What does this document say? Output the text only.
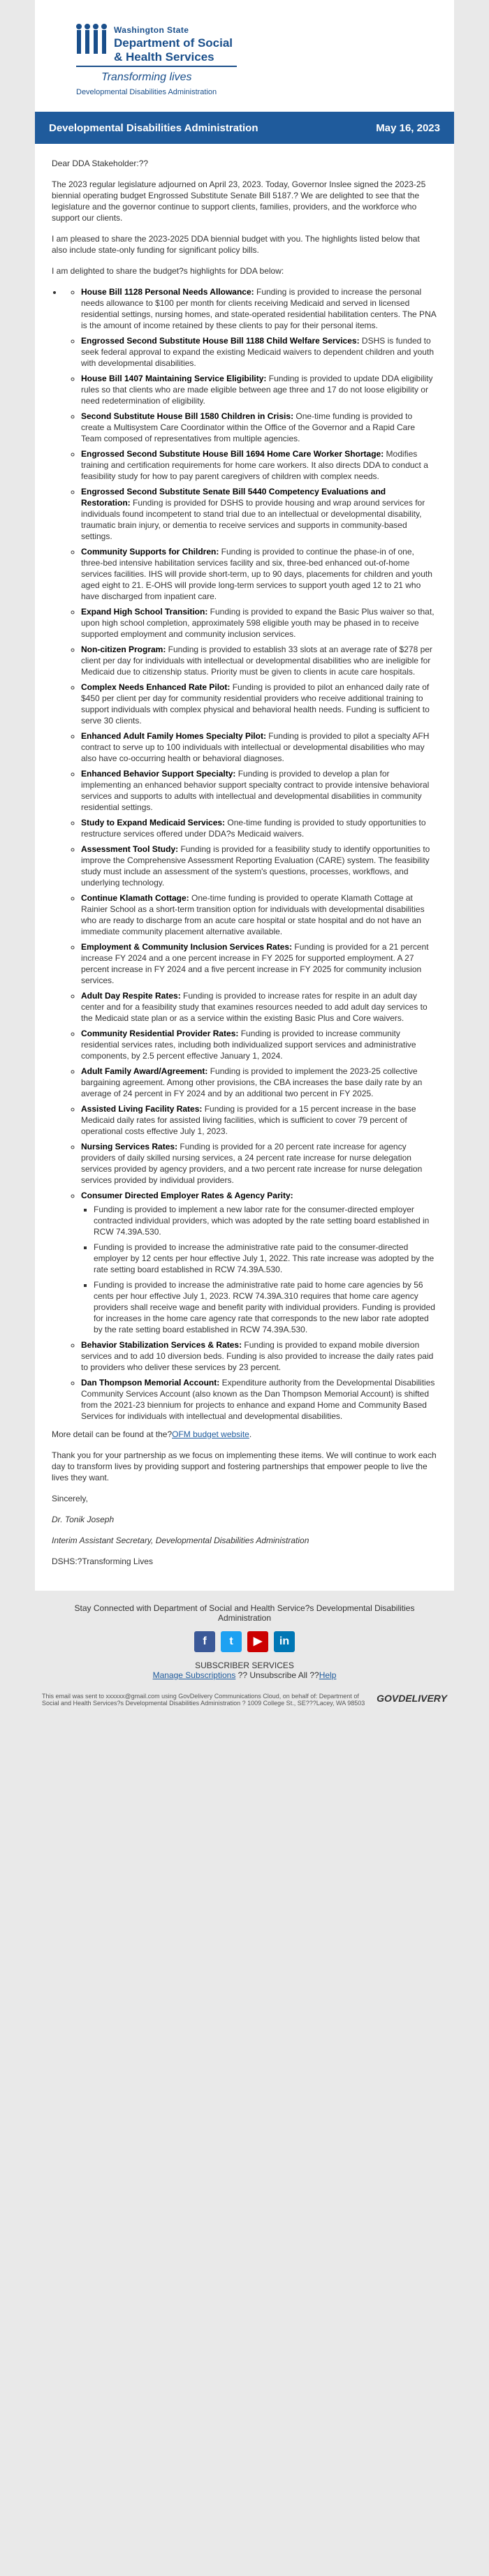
Washington State
Department of Social
& Health Services
Transforming lives
Developmental Disabilities Administration
Developmental Disabilities Administration	May 16, 2023

Dear DDA Stakeholder:??

The 2023 regular legislature adjourned on April 23, 2023. Today, Governor Inslee signed the 2023-25 biennial operating budget Engrossed Substitute Senate Bill 5187.? We are delighted to see that the legislature and the governor continue to support clients, families, providers, and the workforce who support our clients.

I am pleased to share the 2023-2025 DDA biennial budget with you. The highlights listed below that also include state-only funding for significant policy bills.

I am delighted to share the budget?s highlights for DDA below:

◦ • House Bill 1128 Personal Needs Allowance: Funding is provided to increase the personal needs allowance to $100 per month for clients receiving Medicaid and served in licensed residential settings, nursing homes, and state-operated residential habilitation centers. The PNA is the amount of income retained by these clients to pay for their personal items.
◦ Engrossed Second Substitute House Bill 1188 Child Welfare Services: DSHS is funded to seek federal approval to expand the existing Medicaid waivers to dependent children and youth with developmental disabilities.
◦ House Bill 1407 Maintaining Service Eligibility: Funding is provided to update DDA eligibility rules so that clients who are made eligible between age three and 17 do not loose eligibility or need redetermination of eligibility.
◦ Second Substitute House Bill 1580 Children in Crisis: One-time funding is provided to create a Multisystem Care Coordinator within the Office of the Governor and a Rapid Care Team composed of representatives from multiple agencies.
◦ Engrossed Second Substitute House Bill 1694 Home Care Worker Shortage: Modifies training and certification requirements for home care workers. It also directs DDA to conduct a feasibility study for how to pay parent caregivers of children with complex needs.
◦ Engrossed Second Substitute Senate Bill 5440 Competency Evaluations and Restoration: Funding is provided for DSHS to provide housing and wrap around services for individuals found incompetent to stand trial due to an intellectual or developmental disability, traumatic brain injury, or dementia to receive services and supports in community-based settings.
◦ Community Supports for Children: Funding is provided to continue the phase-in of one, three-bed intensive habilitation services facility and six, three-bed enhanced out-of-home services facilities. IHS will provide short-term, up to 90 days, placements for children and youth aged eight to 21. E-OHS will provide long-term services to support youth aged 12 to 21 who have discharged from inpatient care.
◦ Expand High School Transition: Funding is provided to expand the Basic Plus waiver so that, upon high school completion, approximately 598 eligible youth may be phased in to receive supported employment and community inclusion services.
◦ Non-citizen Program: Funding is provided to establish 33 slots at an average rate of $278 per client per day for individuals with intellectual or developmental disabilities who are ineligible for Medicaid due to citizenship status. Priority must be given to clients in acute care hospitals.
◦ Complex Needs Enhanced Rate Pilot: Funding is provided to pilot an enhanced daily rate of $450 per client per day for community residential providers who receive additional training to support individuals with complex physical and behavioral health needs. Funding is sufficient to serve 30 clients.
◦ Enhanced Adult Family Homes Specialty Pilot: Funding is provided to pilot a specialty AFH contract to serve up to 100 individuals with intellectual or developmental disabilities who may also have co-occurring health or behavioral diagnoses.
◦ Enhanced Behavior Support Specialty: Funding is provided to develop a plan for implementing an enhanced behavior support specialty contract to provide intensive behavioral services and supports to adults with intellectual and developmental disabilities in community residential settings.
◦ Study to Expand Medicaid Services: One-time funding is provided to study opportunities to restructure services offered under DDA?s Medicaid waivers.
◦ Assessment Tool Study: Funding is provided for a feasibility study to identify opportunities to improve the Comprehensive Assessment Reporting Evaluation (CARE) system. The feasibility study must include an assessment of the system's questions, processes, workflows, and underlying technology.
◦ Continue Klamath Cottage: One-time funding is provided to operate Klamath Cottage at Rainier School as a short-term transition option for individuals with developmental disabilities who are ready to discharge from an acute care hospital or state hospital and do not have an immediate community placement alternative available.
◦ Employment & Community Inclusion Services Rates: Funding is provided for a 21 percent increase FY 2024 and a one percent increase in FY 2025 for supported employment. A 27 percent increase in FY 2024 and a five percent increase in FY 2025 for community inclusion services.
◦ Adult Day Respite Rates: Funding is provided to increase rates for respite in an adult day center and for a feasibility study that examines resources needed to add adult day services to the Medicaid state plan or as a service within the existing Basic Plus and Core waivers.
◦ Community Residential Provider Rates: Funding is provided to increase community residential services rates, including both individualized support services and administrative components, by 2.5 percent effective January 1, 2024.
◦ Adult Family Award/Agreement: Funding is provided to implement the 2023-25 collective bargaining agreement. Among other provisions, the CBA increases the base daily rate by an average of 24 percent in FY 2024 and by an additional two percent in FY 2025.
◦ Assisted Living Facility Rates: Funding is provided for a 15 percent increase in the base Medicaid daily rates for assisted living facilities, which is sufficient to cover 79 percent of operational costs effective July 1, 2023.
◦ Nursing Services Rates: Funding is provided for a 20 percent rate increase for agency providers of daily skilled nursing services, a 24 percent rate increase for nurse delegation services provided by agency providers, and a two percent rate increase for nurse delegation services provided by individual providers.
◦ Consumer Directed Employer Rates & Agency Parity:
▪ Funding is provided to implement a new labor rate for the consumer-directed employer contracted individual providers, which was adopted by the rate setting board established in RCW 74.39A.530.
▪ Funding is provided to increase the administrative rate paid to the consumer-directed employer by 12 cents per hour effective July 1, 2022. This rate increase was adopted by the rate setting board established in RCW 74.39A.530.
▪ Funding is provided to increase the administrative rate paid to home care agencies by 56 cents per hour effective July 1, 2023. RCW 74.39A.310 requires that home care agency providers shall receive wage and benefit parity with individual providers. Funding is provided for increases in the home care agency rate that corresponds to the new labor rate adopted by the rate setting board established in RCW 74.39A.530.
◦ Behavior Stabilization Services & Rates: Funding is provided to expand mobile diversion services and to add 10 diversion beds. Funding is also provided to increase the daily rates paid to providers who deliver these services by 23 percent.
◦ Dan Thompson Memorial Account: Expenditure authority from the Developmental Disabilities Community Services Account (also known as the Dan Thompson Memorial Account) is shifted from the 2021-23 biennium for projects to enhance and expand Home and Community Based Services for individuals with intellectual and developmental disabilities.

More detail can be found at the?OFM budget website.

Thank you for your partnership as we focus on implementing these items. We will continue to work each day to transform lives by providing support and fostering partnerships that empower people to live the lives they want.

Sincerely,

Dr. Tonik Joseph

Interim Assistant Secretary, Developmental Disabilities Administration

DSHS:?Transforming Lives

Stay Connected with Department of Social and Health Service?s Developmental Disabilities Administration
f	t	▶	in
SUBSCRIBER SERVICES
Manage Subscriptions ?? Unsubscribe All ??Help
This email was sent to xxxxxx@gmail.com using GovDelivery Communications Cloud, on behalf of: Department of Social and Health Services?s Developmental Disabilities Administration ? 1009 College St., SE???Lacey, WA 98503	GOVDELIVERY
